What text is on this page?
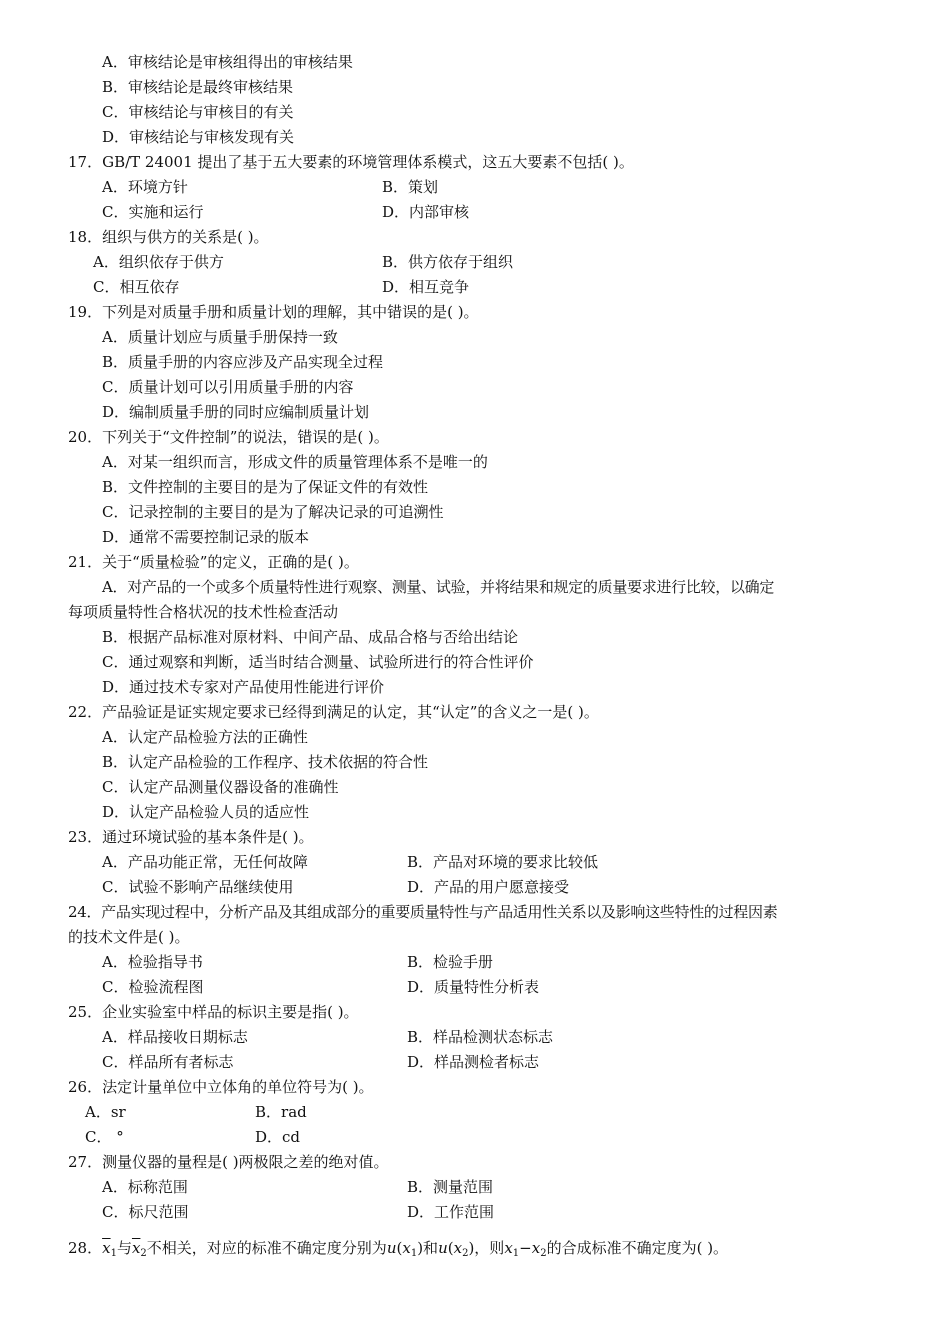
A．审核结论是审核组得出的审核结果
B．审核结论是最终审核结果
C．审核结论与审核目的有关
D．审核结论与审核发现有关
17．GB/T 24001 提出了基于五大要素的环境管理体系模式，这五大要素不包括( )。
A．环境方针	B．策划
C．实施和运行	D．内部审核
18．组织与供方的关系是( )。
A．组织依存于供方	B．供方依存于组织
C．相互依存	D．相互竞争
19．下列是对质量手册和质量计划的理解，其中错误的是( )。
A．质量计划应与质量手册保持一致
B．质量手册的内容应涉及产品实现全过程
C．质量计划可以引用质量手册的内容
D．编制质量手册的同时应编制质量计划
20．下列关于“文件控制”的说法，错误的是( )。
A．对某一组织而言，形成文件的质量管理体系不是唯一的
B．文件控制的主要目的是为了保证文件的有效性
C．记录控制的主要目的是为了解决记录的可追溯性
D．通常不需要控制记录的版本
21．关于“质量检验”的定义，正确的是( )。
A．对产品的一个或多个质量特性进行观察、测量、试验，并将结果和规定的质量要求进行比较，以确定
每项质量特性合格状况的技术性检查活动
B．根据产品标准对原材料、中间产品、成品合格与否给出结论
C．通过观察和判断，适当时结合测量、试验所进行的符合性评价
D．通过技术专家对产品使用性能进行评价
22．产品验证是证实规定要求已经得到满足的认定，其“认定”的含义之一是( )。
A．认定产品检验方法的正确性
B．认定产品检验的工作程序、技术依据的符合性
C．认定产品测量仪器设备的准确性
D．认定产品检验人员的适应性
23．通过环境试验的基本条件是( )。
A．产品功能正常，无任何故障	B．产品对环境的要求比较低
C．试验不影响产品继续使用	D．产品的用户愿意接受
24．产品实现过程中，分析产品及其组成部分的重要质量特性与产品适用性关系以及影响这些特性的过程因素
的技术文件是( )。
A．检验指导书	B．检验手册
C．检验流程图	D．质量特性分析表
25．企业实验室中样品的标识主要是指( )。
A．样品接收日期标志	B．样品检测状态标志
C．样品所有者标志	D．样品测检者标志
26．法定计量单位中立体角的单位符号为( )。
A．sr	B．rad
C． °	D．cd
27．测量仪器的量程是( )两极限之差的绝对值。
A．标称范围	B．测量范围
C．标尺范围	D．工作范围
28．$\overline{x}_1$与$\overline{x}_2$不相关，对应的标准不确定度分别为$u(x_1)$和$u(x_2)$，则$x_1-x_2$的合成标准不确定度为( )。
